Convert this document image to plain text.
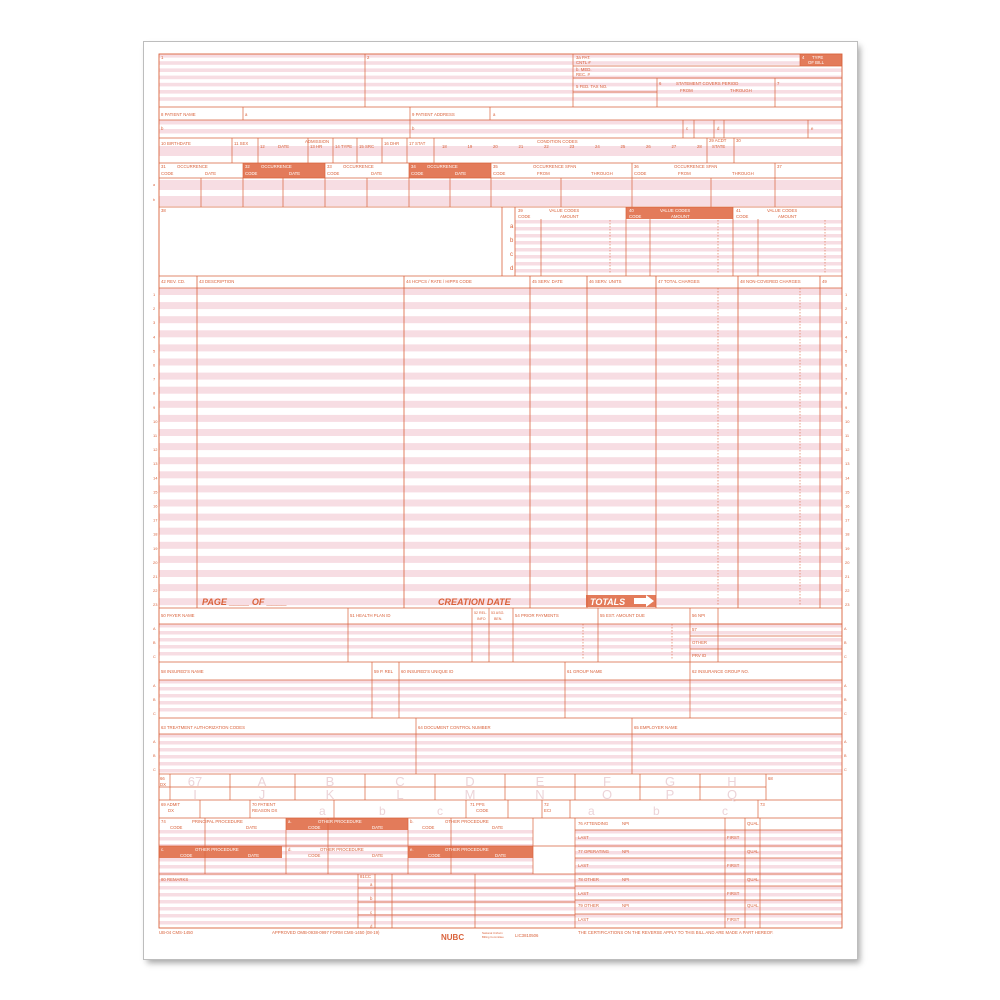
1	2	3a PAT.
CNTL #
b. MED.
REC. #
4 TYPE
OF BILL
5 FED. TAX NO.
6	STATEMENT COVERS PERIOD
FROM	THROUGH
7
8 PATIENT NAME	a
b
9 PATIENT ADDRESS	a
b	c	d	e
10 BIRTHDATE	11 SEX	ADMISSION
12	DATE	13 HR	14 TYPE 15 SRC
16 DHR 17 STAT	CONDITION CODES
18	19	20	21	22	23	24	25	26	27	28
29 ACDT
STATE
30
31	OCCURRENCE
CODE	DATE
32	OCCURRENCE
CODE	DATE
33	OCCURRENCE
CODE	DATE
34	OCCURRENCE
CODE	DATE
35	OCCURRENCE SPAN
CODE	FROM	THROUGH
36	OCCURRENCE SPAN
CODE	FROM	THROUGH
37
a
b
38	39	VALUE CODES
CODE	AMOUNT
40	VALUE CODES
CODE	AMOUNT
41	VALUE CODES
CODE	AMOUNT
a
b
c
d
42 REV. CD.	43 DESCRIPTION	44 HCPCS / RATE / HIPPS CODE	45 SERV. DATE	46 SERV. UNITS	47 TOTAL CHARGES	48 NON-COVERED CHARGES	49
1	1
2	2
3	3
4	4
5	5
6	6
7	7
8	8
9	9
10	10
11	11
12	12
13	13
14	14
15	15
16	16
17	17
18	18
19	19
20	20
21	21
22	22
23	23
PAGE ____ OF ____	CREATION DATE	TOTALS
50 PAYER NAME	51 HEALTH PLAN ID	52 REL.
INFO
53 ASG.
BEN.
54 PRIOR PAYMENTS	55 EST. AMOUNT DUE	56 NPI
57
OTHER
PRV ID
A	A
B	B
C	C
58 INSURED'S NAME	59 P. REL 60 INSURED'S UNIQUE ID	61 GROUP NAME	62 INSURANCE GROUP NO.
A	A
B	B
C	C
63 TREATMENT AUTHORIZATION CODES	64 DOCUMENT CONTROL NUMBER	65 EMPLOYER NAME
A	A
B	B
C	C
66
DX 67	A	B	C	D	E	F	G	H
I	J	K	L	M	N	O	P	Q
68
69 ADMIT
DX
70 PATIENT
REASON DX	a	b	c	71 PPS
CODE
72
ECI	a	b	c	73
74	PRINCIPAL PROCEDURE
CODE	DATE
a.	OTHER PROCEDURE
CODE	DATE
b.	OTHER PROCEDURE
CODE	DATE
c.	OTHER PROCEDURE
CODE	DATE
d.	OTHER PROCEDURE
CODE	DATE
e.	OTHER PROCEDURE
CODE	DATE
76 ATTENDING	NPI	QUAL
LAST	FIRST
77 OPERATING	NPI	QUAL
LAST	FIRST
78 OTHER	NPI	QUAL
LAST	FIRST
79 OTHER	NPI	QUAL
LAST	FIRST
80 REMARKS
81CC
a
b
c
d
UB-04 CMS-1450	APPROVED OMB-0938-0997 FORM CMS-1450 (08-19)
NUBC	National Uniform
Billing Committee	LIC3810506
THE CERTIFICATIONS ON THE REVERSE APPLY TO THIS BILL AND ARE MADE A PART HEREOF.
